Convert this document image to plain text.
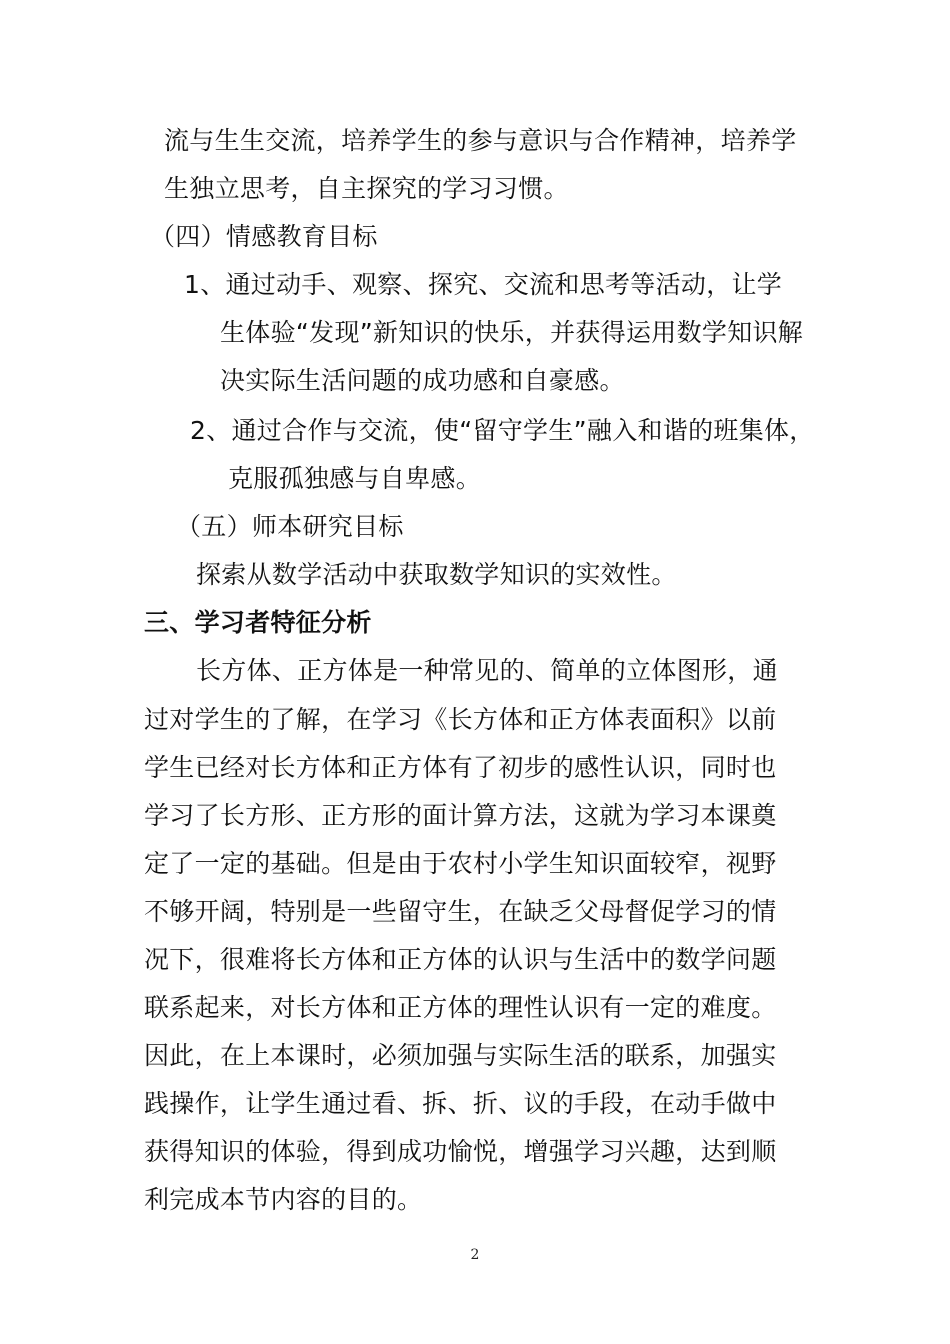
流与生生交流，培养学生的参与意识与合作精神，培养学
生独立思考，自主探究的学习习惯。
（四）情感教育目标
1、通过动手、观察、探究、交流和思考等活动，让学
生体验“发现”新知识的快乐，并获得运用数学知识解
决实际生活问题的成功感和自豪感。
2、通过合作与交流，使“留守学生”融入和谐的班集体，
克服孤独感与自卑感。
（五）师本研究目标
探索从数学活动中获取数学知识的实效性。
三、学习者特征分析
长方体、正方体是一种常见的、简单的立体图形，通
过对学生的了解，在学习《长方体和正方体表面积》以前
学生已经对长方体和正方体有了初步的感性认识，同时也
学习了长方形、正方形的面计算方法，这就为学习本课奠
定了一定的基础。但是由于农村小学生知识面较窄，视野
不够开阔，特别是一些留守生，在缺乏父母督促学习的情
况下，很难将长方体和正方体的认识与生活中的数学问题
联系起来，对长方体和正方体的理性认识有一定的难度。
因此，在上本课时，必须加强与实际生活的联系，加强实
践操作，让学生通过看、拆、折、议的手段，在动手做中
获得知识的体验，得到成功愉悦，增强学习兴趣，达到顺
利完成本节内容的目的。
2
